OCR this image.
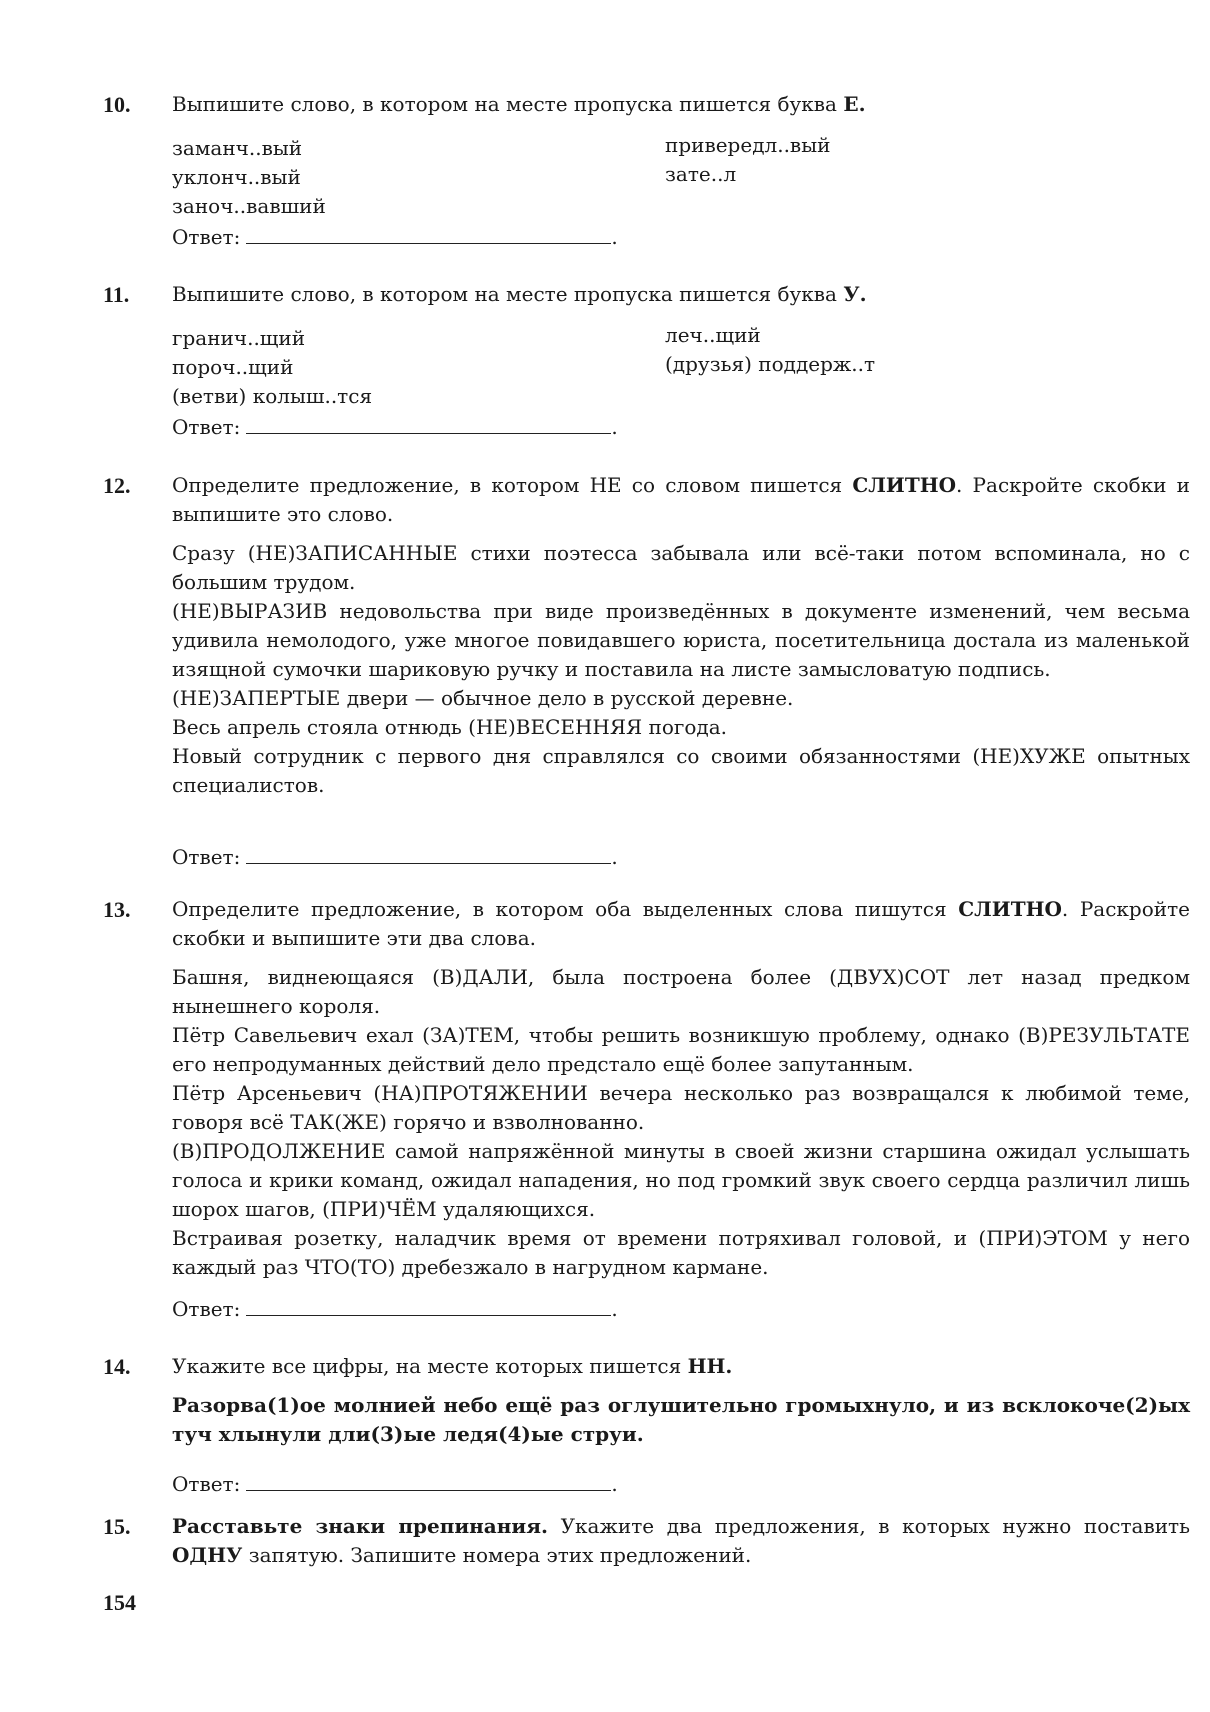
10. Выпишите слово, в котором на месте пропуска пишется буква Е.

заманч..вый
уклонч..вый
заноч..вавший
привередл..вый
зате..л
Ответ:	.
11. Выпишите слово, в котором на месте пропуска пишется буква У.

гранич..щий
пороч..щий
(ветви) колыш..тся
леч..щий
(друзья) поддерж..т
Ответ:	.
12. Определите предложение, в котором НЕ со словом пишется СЛИТНО. Раскройте скобки и выпишите это слово.

Сразу (НЕ)ЗАПИСАННЫЕ стихи поэтесса забывала или всё-таки потом вспоминала, но с большим трудом.

(НЕ)ВЫРАЗИВ недовольства при виде произведённых в документе изменений, чем весьма удивила немолодого, уже многое повидавшего юриста, посетительница достала из маленькой изящной сумочки шариковую ручку и поставила на листе замысловатую подпись.

(НЕ)ЗАПЕРТЫЕ двери — обычное дело в русской деревне.

Весь апрель стояла отнюдь (НЕ)ВЕСЕННЯЯ погода.

Новый сотрудник с первого дня справлялся со своими обязанностями (НЕ)ХУЖЕ опытных специалистов.

Ответ:	.
13. Определите предложение, в котором оба выделенных слова пишутся СЛИТНО. Раскройте скобки и выпишите эти два слова.

Башня, виднеющаяся (В)ДАЛИ, была построена более (ДВУХ)СОТ лет назад предком нынешнего короля.

Пётр Савельевич ехал (ЗА)ТЕМ, чтобы решить возникшую проблему, однако (В)РЕЗУЛЬТАТЕ его непродуманных действий дело предстало ещё более запутанным.

Пётр Арсеньевич (НА)ПРОТЯЖЕНИИ вечера несколько раз возвращался к любимой теме, говоря всё ТАК(ЖЕ) горячо и взволнованно.

(В)ПРОДОЛЖЕНИЕ самой напряжённой минуты в своей жизни старшина ожидал услышать голоса и крики команд, ожидал нападения, но под громкий звук своего сердца различил лишь шорох шагов, (ПРИ)ЧЁМ удаляющихся.

Встраивая розетку, наладчик время от времени потряхивал головой, и (ПРИ)ЭТОМ у него каждый раз ЧТО(ТО) дребезжало в нагрудном кармане.

Ответ:	.
14. Укажите все цифры, на месте которых пишется НН.

Разорва(1)ое молнией небо ещё раз оглушительно громыхнуло, и из всклокоче(2)ых туч хлынули дли(3)ые ледя(4)ые струи.

Ответ:	.
15. Расставьте знаки препинания. Укажите два предложения, в которых нужно поставить ОДНУ запятую. Запишите номера этих предложений.

154
